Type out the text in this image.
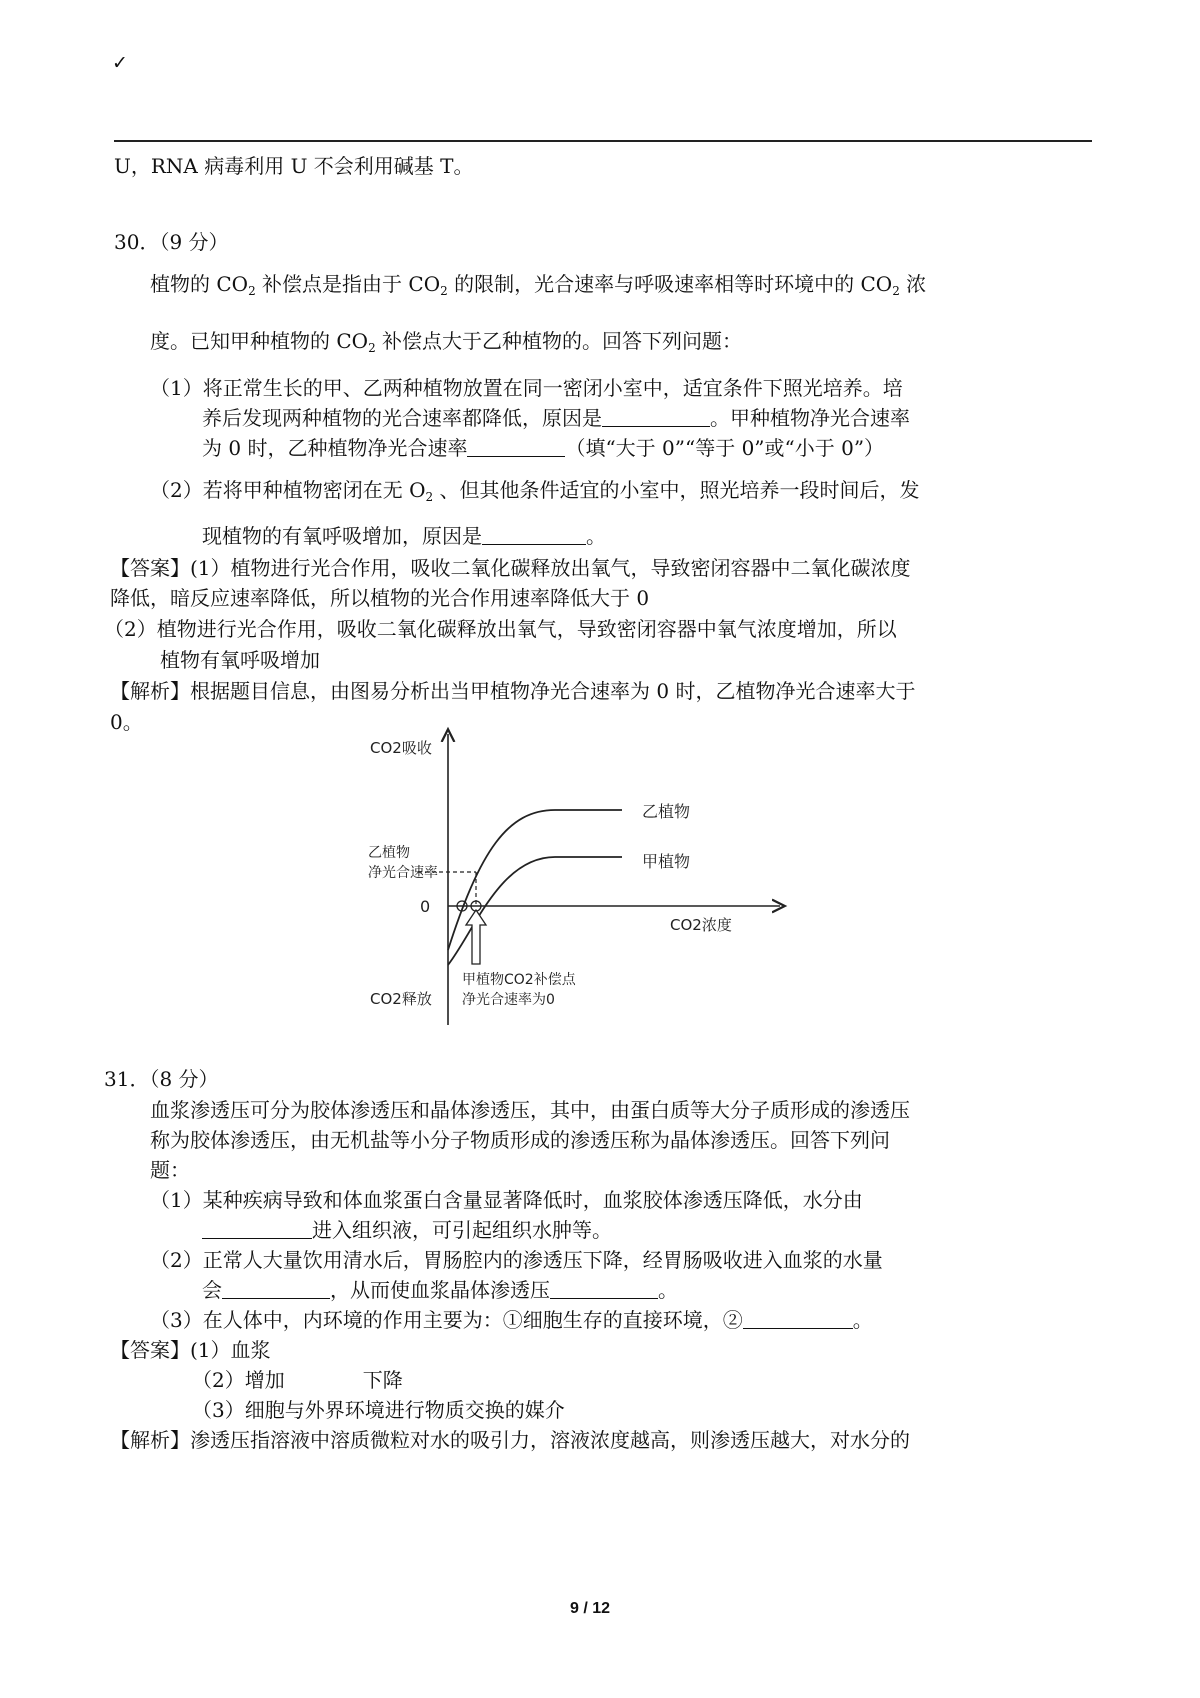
✓
U，RNA 病毒利用 U 不会利用碱基 T。
30．（9 分）
植物的 $CO_2$ 补偿点是指由于 $CO_2$ 的限制，光合速率与呼吸速率相等时环境中的 $CO_2$ 浓
度。已知甲种植物的 $CO_2$ 补偿点大于乙种植物的。回答下列问题：
（1）将正常生长的甲、乙两种植物放置在同一密闭小室中，适宜条件下照光培养。培
养后发现两种植物的光合速率都降低，原因是	。甲种植物净光合速率
为 0 时，乙种植物净光合速率	（填“大于 0”“等于 0”或“小于 0”）
（2）若将甲种植物密闭在无 $O_2$ 、但其他条件适宜的小室中，照光培养一段时间后，发
现植物的有氧呼吸增加，原因是	。
【答案】(1）植物进行光合作用，吸收二氧化碳释放出氧气，导致密闭容器中二氧化碳浓度
降低，暗反应速率降低，所以植物的光合作用速率降低大于 0
（2）植物进行光合作用，吸收二氧化碳释放出氧气，导致密闭容器中氧气浓度增加，所以
植物有氧呼吸增加
【解析】根据题目信息，由图易分析出当甲植物净光合速率为 0 时，乙植物净光合速率大于
0。
CO2吸收
CO2释放
CO2浓度
0
乙植物
甲植物
乙植物
净光合速率
甲植物CO2补偿点
净光合速率为0
31．（8 分）
血浆渗透压可分为胶体渗透压和晶体渗透压，其中，由蛋白质等大分子质形成的渗透压
称为胶体渗透压，由无机盐等小分子物质形成的渗透压称为晶体渗透压。回答下列问
题：
（1）某种疾病导致和体血浆蛋白含量显著降低时，血浆胶体渗透压降低，水分由
进入组织液，可引起组织水肿等。
（2）正常人大量饮用清水后，胃肠腔内的渗透压下降，经胃肠吸收进入血浆的水量
会	，从而使血浆晶体渗透压	。
（3）在人体中，内环境的作用主要为：①细胞生存的直接环境，②	。
【答案】(1）血浆
（2）增加	下降
（3）细胞与外界环境进行物质交换的媒介
【解析】渗透压指溶液中溶质微粒对水的吸引力，溶液浓度越高，则渗透压越大，对水分的
9 / 12
